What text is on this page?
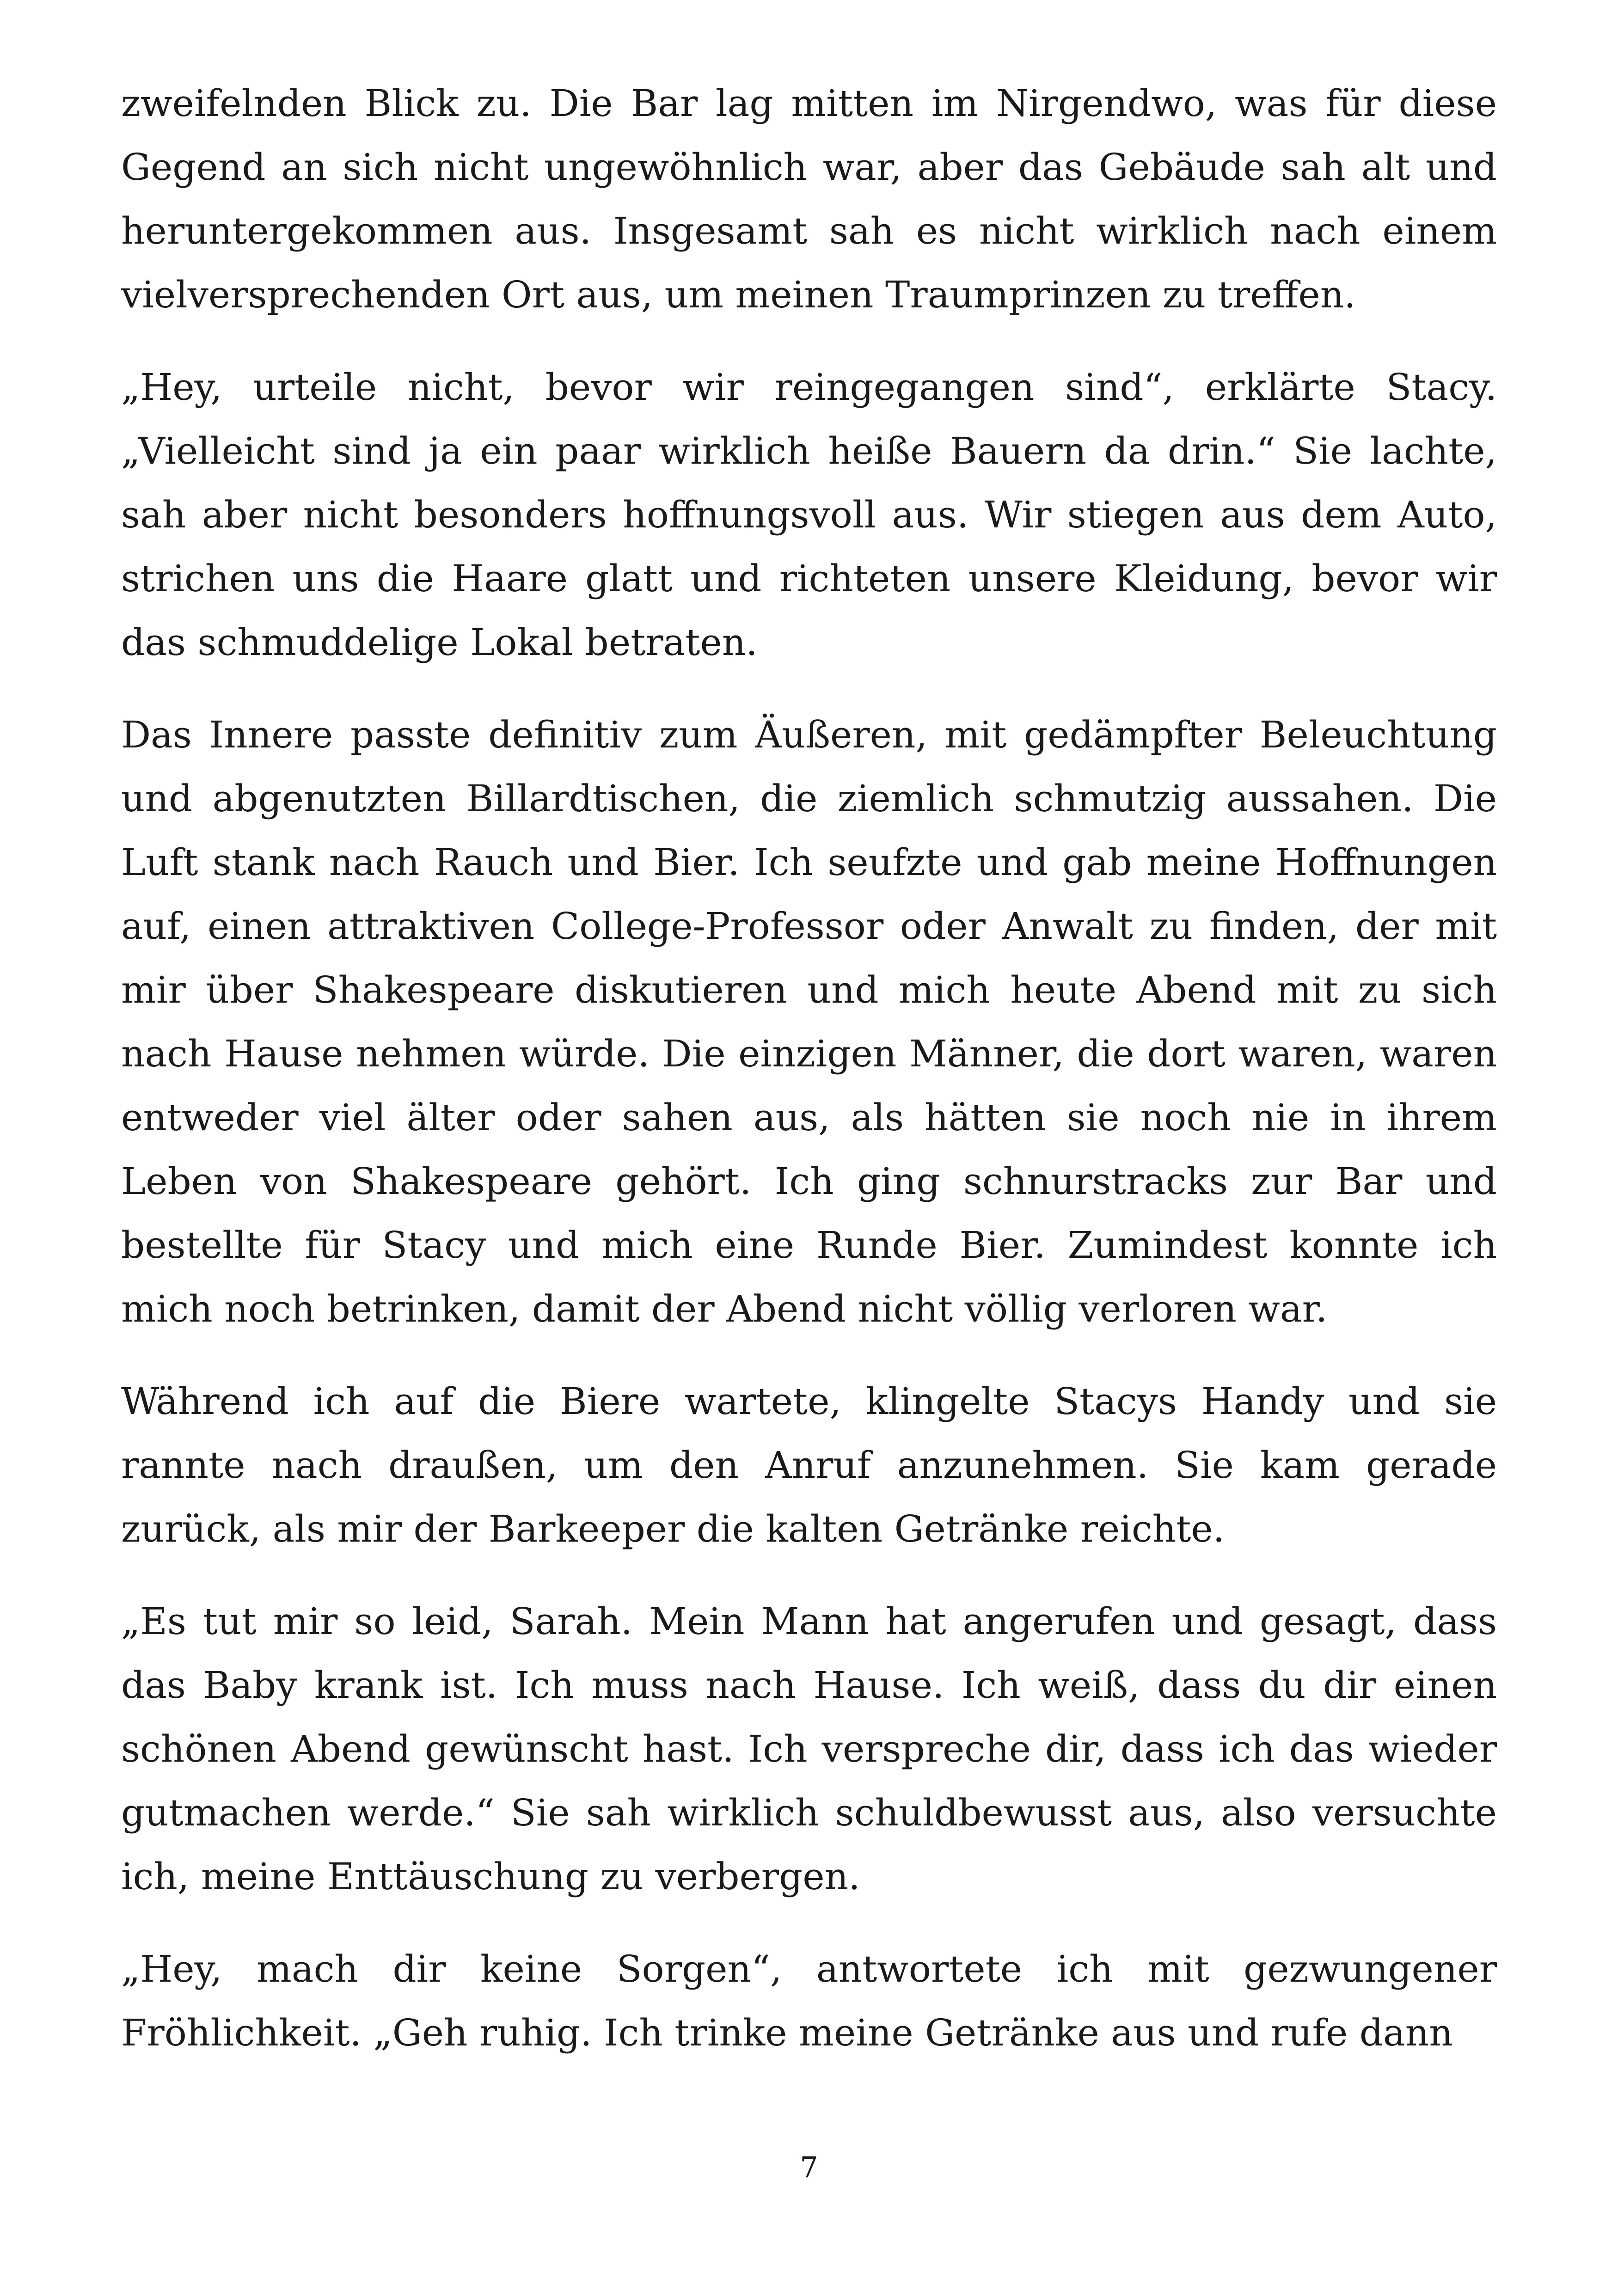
zweifelnden Blick zu. Die Bar lag mitten im Nirgendwo, was für diese Gegend an sich nicht ungewöhnlich war, aber das Gebäude sah alt und heruntergekommen aus. Insgesamt sah es nicht wirklich nach einem vielversprechenden Ort aus, um meinen Traumprinzen zu treffen.

„Hey, urteile nicht, bevor wir reingegangen sind“, erklärte Stacy. „Vielleicht sind ja ein paar wirklich heiße Bauern da drin.“ Sie lachte, sah aber nicht besonders hoffnungsvoll aus. Wir stiegen aus dem Auto, strichen uns die Haare glatt und richteten unsere Kleidung, bevor wir das schmuddelige Lokal betraten.

Das Innere passte definitiv zum Äußeren, mit gedämpfter Beleuchtung und abgenutzten Billardtischen, die ziemlich schmutzig aussahen. Die Luft stank nach Rauch und Bier. Ich seufzte und gab meine Hoffnungen auf, einen attraktiven College-Professor oder Anwalt zu finden, der mit mir über Shakespeare diskutieren und mich heute Abend mit zu sich nach Hause nehmen würde. Die einzigen Männer, die dort waren, waren entweder viel älter oder sahen aus, als hätten sie noch nie in ihrem Leben von Shakespeare gehört. Ich ging schnurstracks zur Bar und bestellte für Stacy und mich eine Runde Bier. Zumindest konnte ich mich noch betrinken, damit der Abend nicht völlig verloren war.

Während ich auf die Biere wartete, klingelte Stacys Handy und sie rannte nach draußen, um den Anruf anzunehmen. Sie kam gerade zurück, als mir der Barkeeper die kalten Getränke reichte.

„Es tut mir so leid, Sarah. Mein Mann hat angerufen und gesagt, dass das Baby krank ist. Ich muss nach Hause. Ich weiß, dass du dir einen schönen Abend gewünscht hast. Ich verspreche dir, dass ich das wieder gutmachen werde.“ Sie sah wirklich schuldbewusst aus, also versuchte ich, meine Enttäuschung zu verbergen.

„Hey, mach dir keine Sorgen“, antwortete ich mit gezwungener Fröhlichkeit. „Geh ruhig. Ich trinke meine Getränke aus und rufe dann

7
